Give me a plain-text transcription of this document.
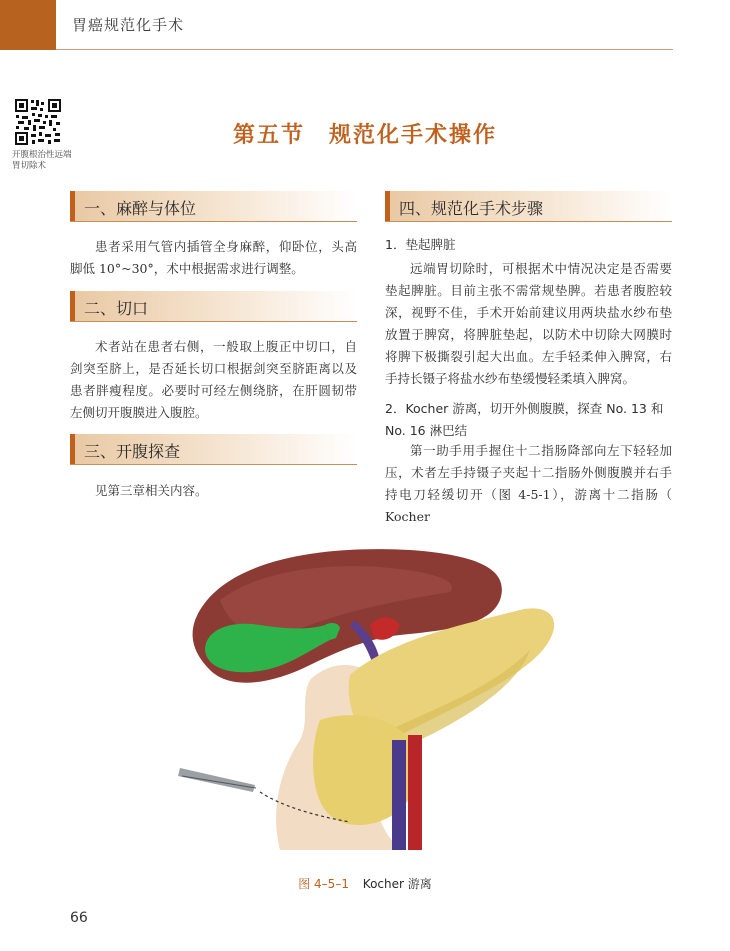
胃癌规范化手术
开腹根治性远端胃切除术
第五节　规范化手术操作
一、麻醉与体位
患者采用气管内插管全身麻醉，仰卧位，头高脚低 10°~30°，术中根据需求进行调整。
二、切口
术者站在患者右侧，一般取上腹正中切口，自剑突至脐上，是否延长切口根据剑突至脐距离以及患者胖瘦程度。必要时可经左侧绕脐，在肝圆韧带左侧切开腹膜进入腹腔。
三、开腹探查
见第三章相关内容。
四、规范化手术步骤
1．垫起脾脏
远端胃切除时，可根据术中情况决定是否需要垫起脾脏。目前主张不需常规垫脾。若患者腹腔较深，视野不佳，手术开始前建议用两块盐水纱布垫放置于脾窝，将脾脏垫起，以防术中切除大网膜时将脾下极撕裂引起大出血。左手轻柔伸入脾窝，右手持长镊子将盐水纱布垫缓慢轻柔填入脾窝。
2．Kocher 游离，切开外侧腹膜，探查 No. 13 和 No. 16 淋巴结
第一助手用手握住十二指肠降部向左下轻轻加压，术者左手持镊子夹起十二指肠外侧腹膜并右手持电刀轻缓切开（图 4-5-1），游离十二指肠（ Kocher
图 4–5–1 Kocher 游离
66
